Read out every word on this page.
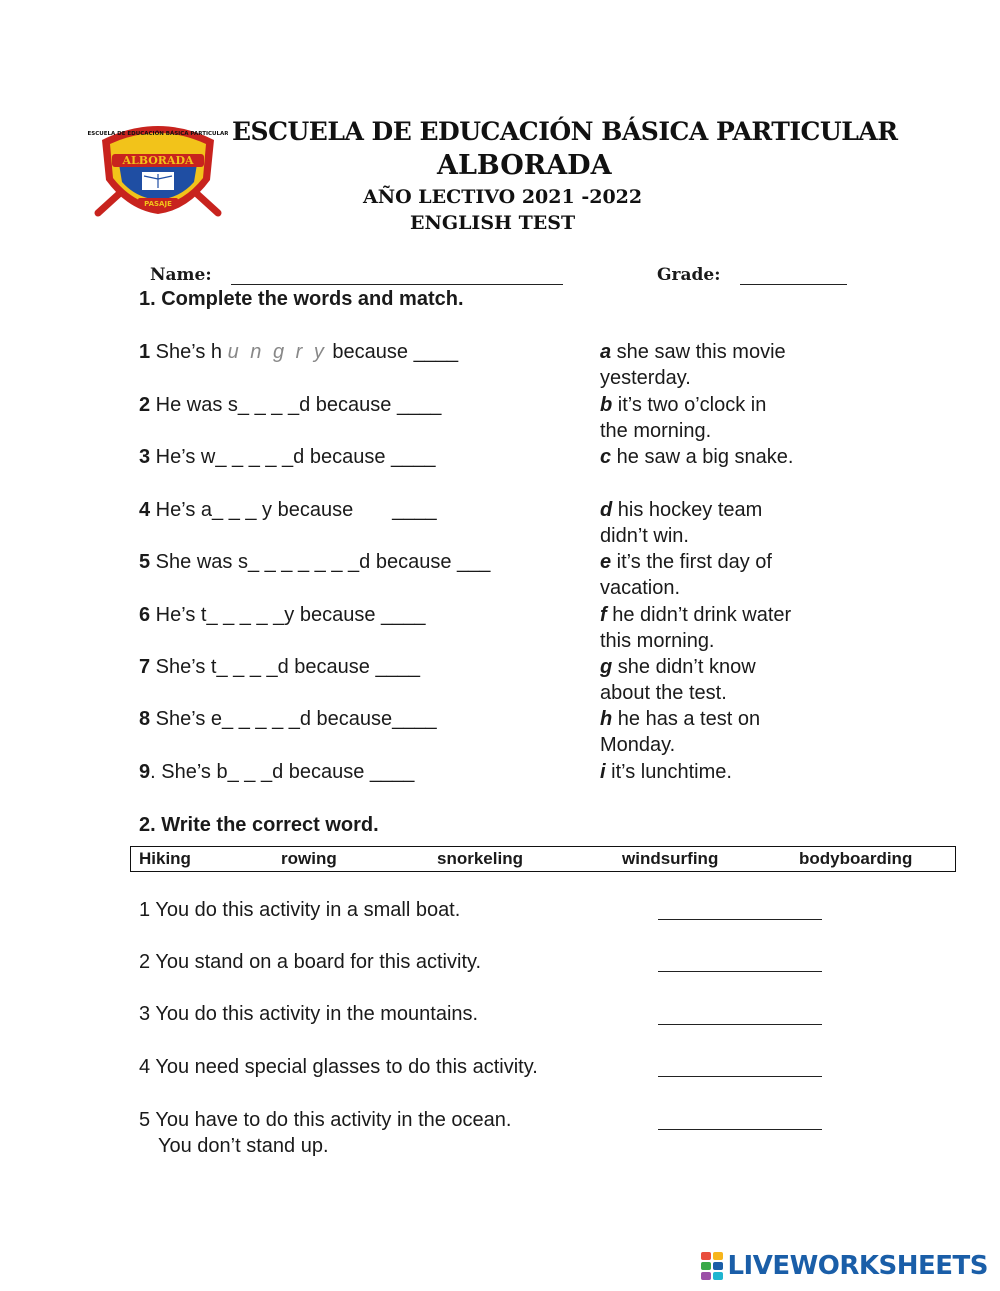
ALBORADA
ESCUELA DE EDUCACIÓN BÁSICA PARTICULAR
PASAJE
ESCUELA DE EDUCACIÓN BÁSICA PARTICULAR
ALBORADA
AÑO LECTIVO 2021 -2022
ENGLISH TEST
Name:	Grade:
1. Complete the words and match.
1 She’s h u n g r y because ____
2 He was s_ _ _ _d because ____
3 He’s w_ _ _ _ _d because ____
4 He’s a_ _ _ y because       ____
5 She was s_ _ _ _ _ _ _d because ___
6 He’s t_ _ _ _ _y because ____
7 She’s t_ _ _ _d because ____
8 She’s e_ _ _ _ _d because____
9. She’s b_ _ _d because ____
a she saw this movie
yesterday.
b it’s two o’clock in
the morning.
c he saw a big snake.
d his hockey team
didn’t win.
e it’s the first day of
vacation.
f he didn’t drink water
this morning.
g she didn’t know
about the test.
h he has a test on
Monday.
i it’s lunchtime.
2. Write the correct word.
Hiking	rowing	snorkeling	windsurfing	bodyboarding
1 You do this activity in a small boat.
2 You stand on a board for this activity.
3 You do this activity in the mountains.
4 You need special glasses to do this activity.
5 You have to do this activity in the ocean.
You don’t stand up.
LIVEWORKSHEETS
